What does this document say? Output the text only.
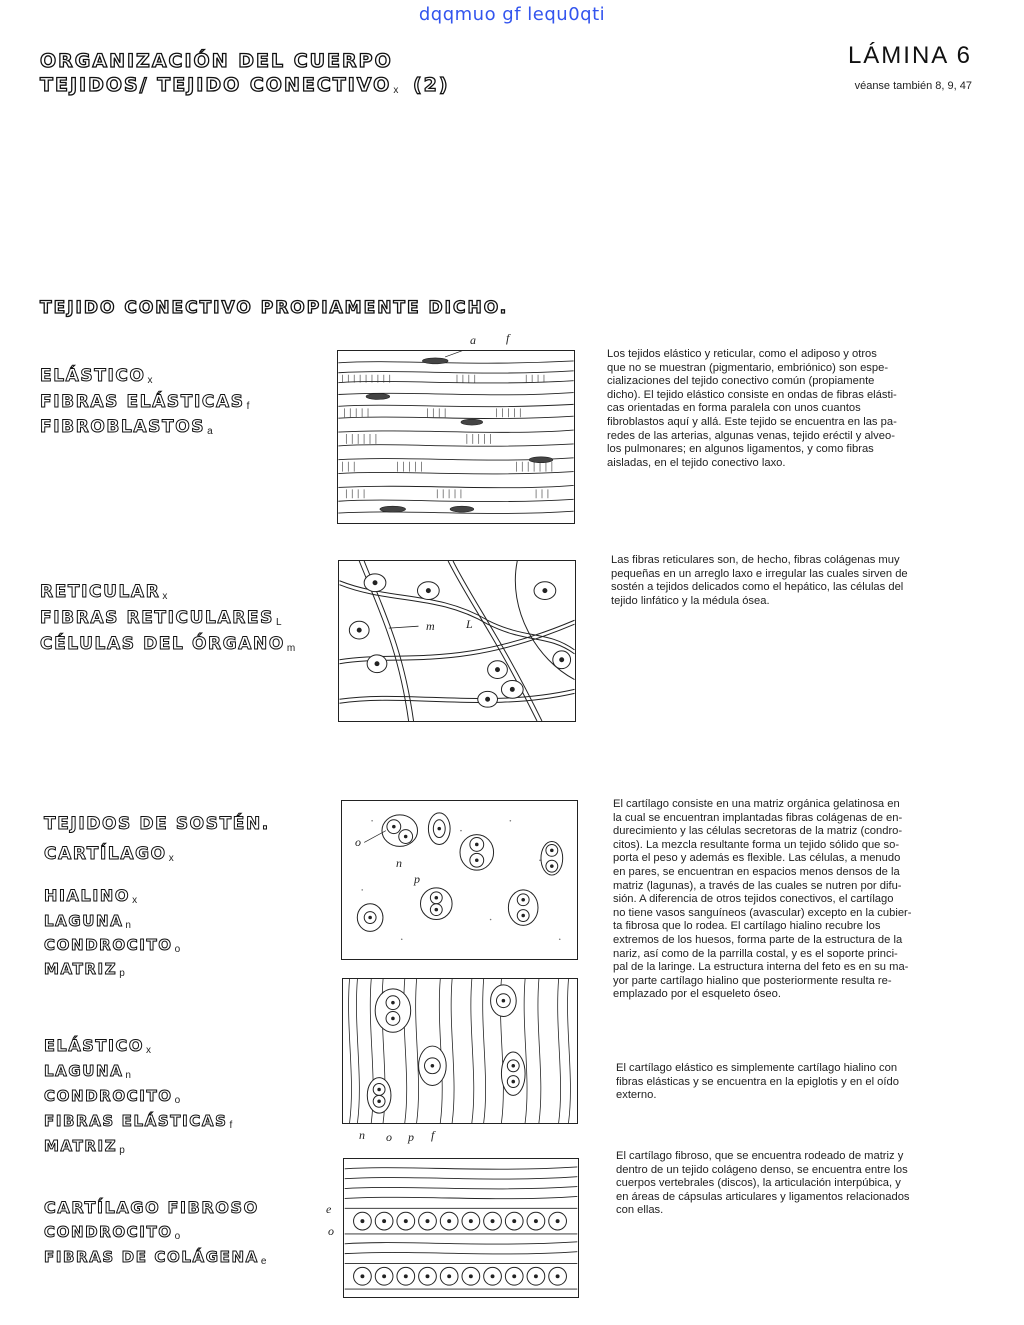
dqqmuo gf lequ0qti
ORGANIZACIÓN DEL CUERPO
TEJIDOS/ TEJIDO CONECTIVO $_x$ (2)
LÁMINA 6
véanse también 8, 9, 47
TEJIDO CONECTIVO PROPIAMENTE DICHO.
ELÁSTICO $_x$
FIBRAS ELÁSTICAS $_f$
FIBROBLASTOS $_a$
a	f
Los tejidos elástico y reticular, como el adiposo y otros
que no se muestran (pigmentario, embriónico) son espe-
cializaciones del tejido conectivo común (propiamente
dicho). El tejido elástico consiste en ondas de fibras elásti-
cas orientadas en forma paralela con unos cuantos
fibroblastos aquí y allá. Este tejido se encuentra en las pa-
redes de las arterias, algunas venas, tejido eréctil y alveo-
los pulmonares; en algunos ligamentos, y como fibras
aisladas, en el tejido conectivo laxo.
RETICULAR $_x$
FIBRAS RETICULARES $_L$
CÉLULAS DEL ÓRGANO $_m$
m	L
Las fibras reticulares son, de hecho, fibras colágenas muy
pequeñas en un arreglo laxo e irregular las cuales sirven de
sostén a tejidos delicados como el hepático, las células del
tejido linfático y la médula ósea.
TEJIDOS DE SOSTÉN.
CARTÍLAGO $_x$
HIALINO $_x$
LAGUNA $_n$
CONDROCITO $_o$
MATRIZ $_p$
o
n
p
El cartílago consiste en una matriz orgánica gelatinosa en
la cual se encuentran implantadas fibras colágenas de en-
durecimiento y las células secretoras de la matriz (condro-
citos). La mezcla resultante forma un tejido sólido que so-
porta el peso y además es flexible. Las células, a menudo
en pares, se encuentran en espacios menos densos de la
matriz (lagunas), a través de las cuales se nutren por difu-
sión. A diferencia de otros tejidos conectivos, el cartílago
no tiene vasos sanguíneos (avascular) excepto en la cubier-
ta fibrosa que lo rodea. El cartílago hialino recubre los
extremos de los huesos, forma parte de la estructura de la
nariz, así como de la parrilla costal, y es el soporte princi-
pal de la laringe. La estructura interna del feto es en su ma-
yor parte cartílago hialino que posteriormente resulta re-
emplazado por el esqueleto óseo.
ELÁSTICO $_x$
LAGUNA $_n$
CONDROCITO $_o$
FIBRAS ELÁSTICAS $_f$
MATRIZ $_p$
n o p f
El cartílago elástico es simplemente cartílago hialino con
fibras elásticas y se encuentra en la epiglotis y en el oído
externo.
CARTÍLAGO FIBROSO
CONDROCITO $_o$
FIBRAS DE COLÁGENA $_e$
e
o
El cartílago fibroso, que se encuentra rodeado de matriz y
dentro de un tejido colágeno denso, se encuentra entre los
cuerpos vertebrales (discos), la articulación interpúbica, y
en áreas de cápsulas articulares y ligamentos relacionados
con ellas.
